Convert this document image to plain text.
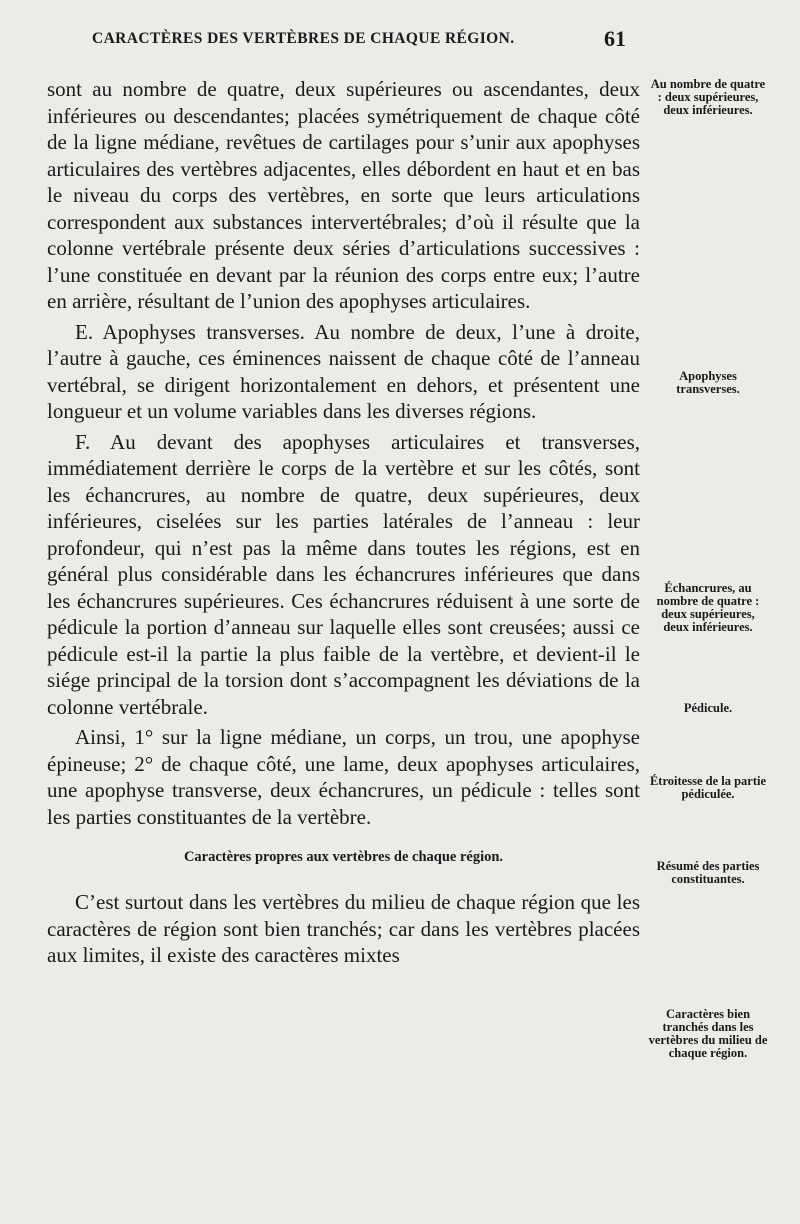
CARACTÈRES DES VERTÈBRES DE CHAQUE RÉGION.	61

sont au nombre de quatre, deux supérieures ou ascendantes, deux inférieures ou descendantes; placées symétriquement de chaque côté de la ligne médiane, revêtues de cartilages pour s’unir aux apophyses articulaires des vertèbres adjacentes, elles débordent en haut et en bas le niveau du corps des vertèbres, en sorte que leurs articulations correspondent aux substances intervertébrales; d’où il résulte que la colonne vertébrale présente deux séries d’articulations successives : l’une constituée en devant par la réunion des corps entre eux; l’autre en arrière, résultant de l’union des apophyses articulaires.

E. Apophyses transverses. Au nombre de deux, l’une à droite, l’autre à gauche, ces éminences naissent de chaque côté de l’anneau vertébral, se dirigent horizontalement en dehors, et présentent une longueur et un volume variables dans les diverses régions.

F. Au devant des apophyses articulaires et transverses, immédiatement derrière le corps de la vertèbre et sur les côtés, sont les échancrures, au nombre de quatre, deux supérieures, deux inférieures, ciselées sur les parties latérales de l’anneau : leur profondeur, qui n’est pas la même dans toutes les régions, est en général plus considérable dans les échancrures inférieures que dans les échancrures supérieures. Ces échancrures réduisent à une sorte de pédicule la portion d’anneau sur laquelle elles sont creusées; aussi ce pédicule est-il la partie la plus faible de la vertèbre, et devient-il le siége principal de la torsion dont s’accompagnent les déviations de la colonne vertébrale.

Ainsi, 1° sur la ligne médiane, un corps, un trou, une apophyse épineuse; 2° de chaque côté, une lame, deux apophyses articulaires, une apophyse transverse, deux échancrures, un pédicule : telles sont les parties constituantes de la vertèbre.

Caractères propres aux vertèbres de chaque région.

C’est surtout dans les vertèbres du milieu de chaque région que les caractères de région sont bien tranchés; car dans les vertèbres placées aux limites, il existe des caractères mixtes

Au nombre de quatre : deux supérieures, deux inférieures.
Apophyses transverses.
Échancrures, au nombre de quatre : deux supérieures, deux inférieures.
Pédicule.
Étroitesse de la partie pédiculée.
Résumé des parties constituantes.
Caractères bien tranchés dans les vertèbres du milieu de chaque région.
